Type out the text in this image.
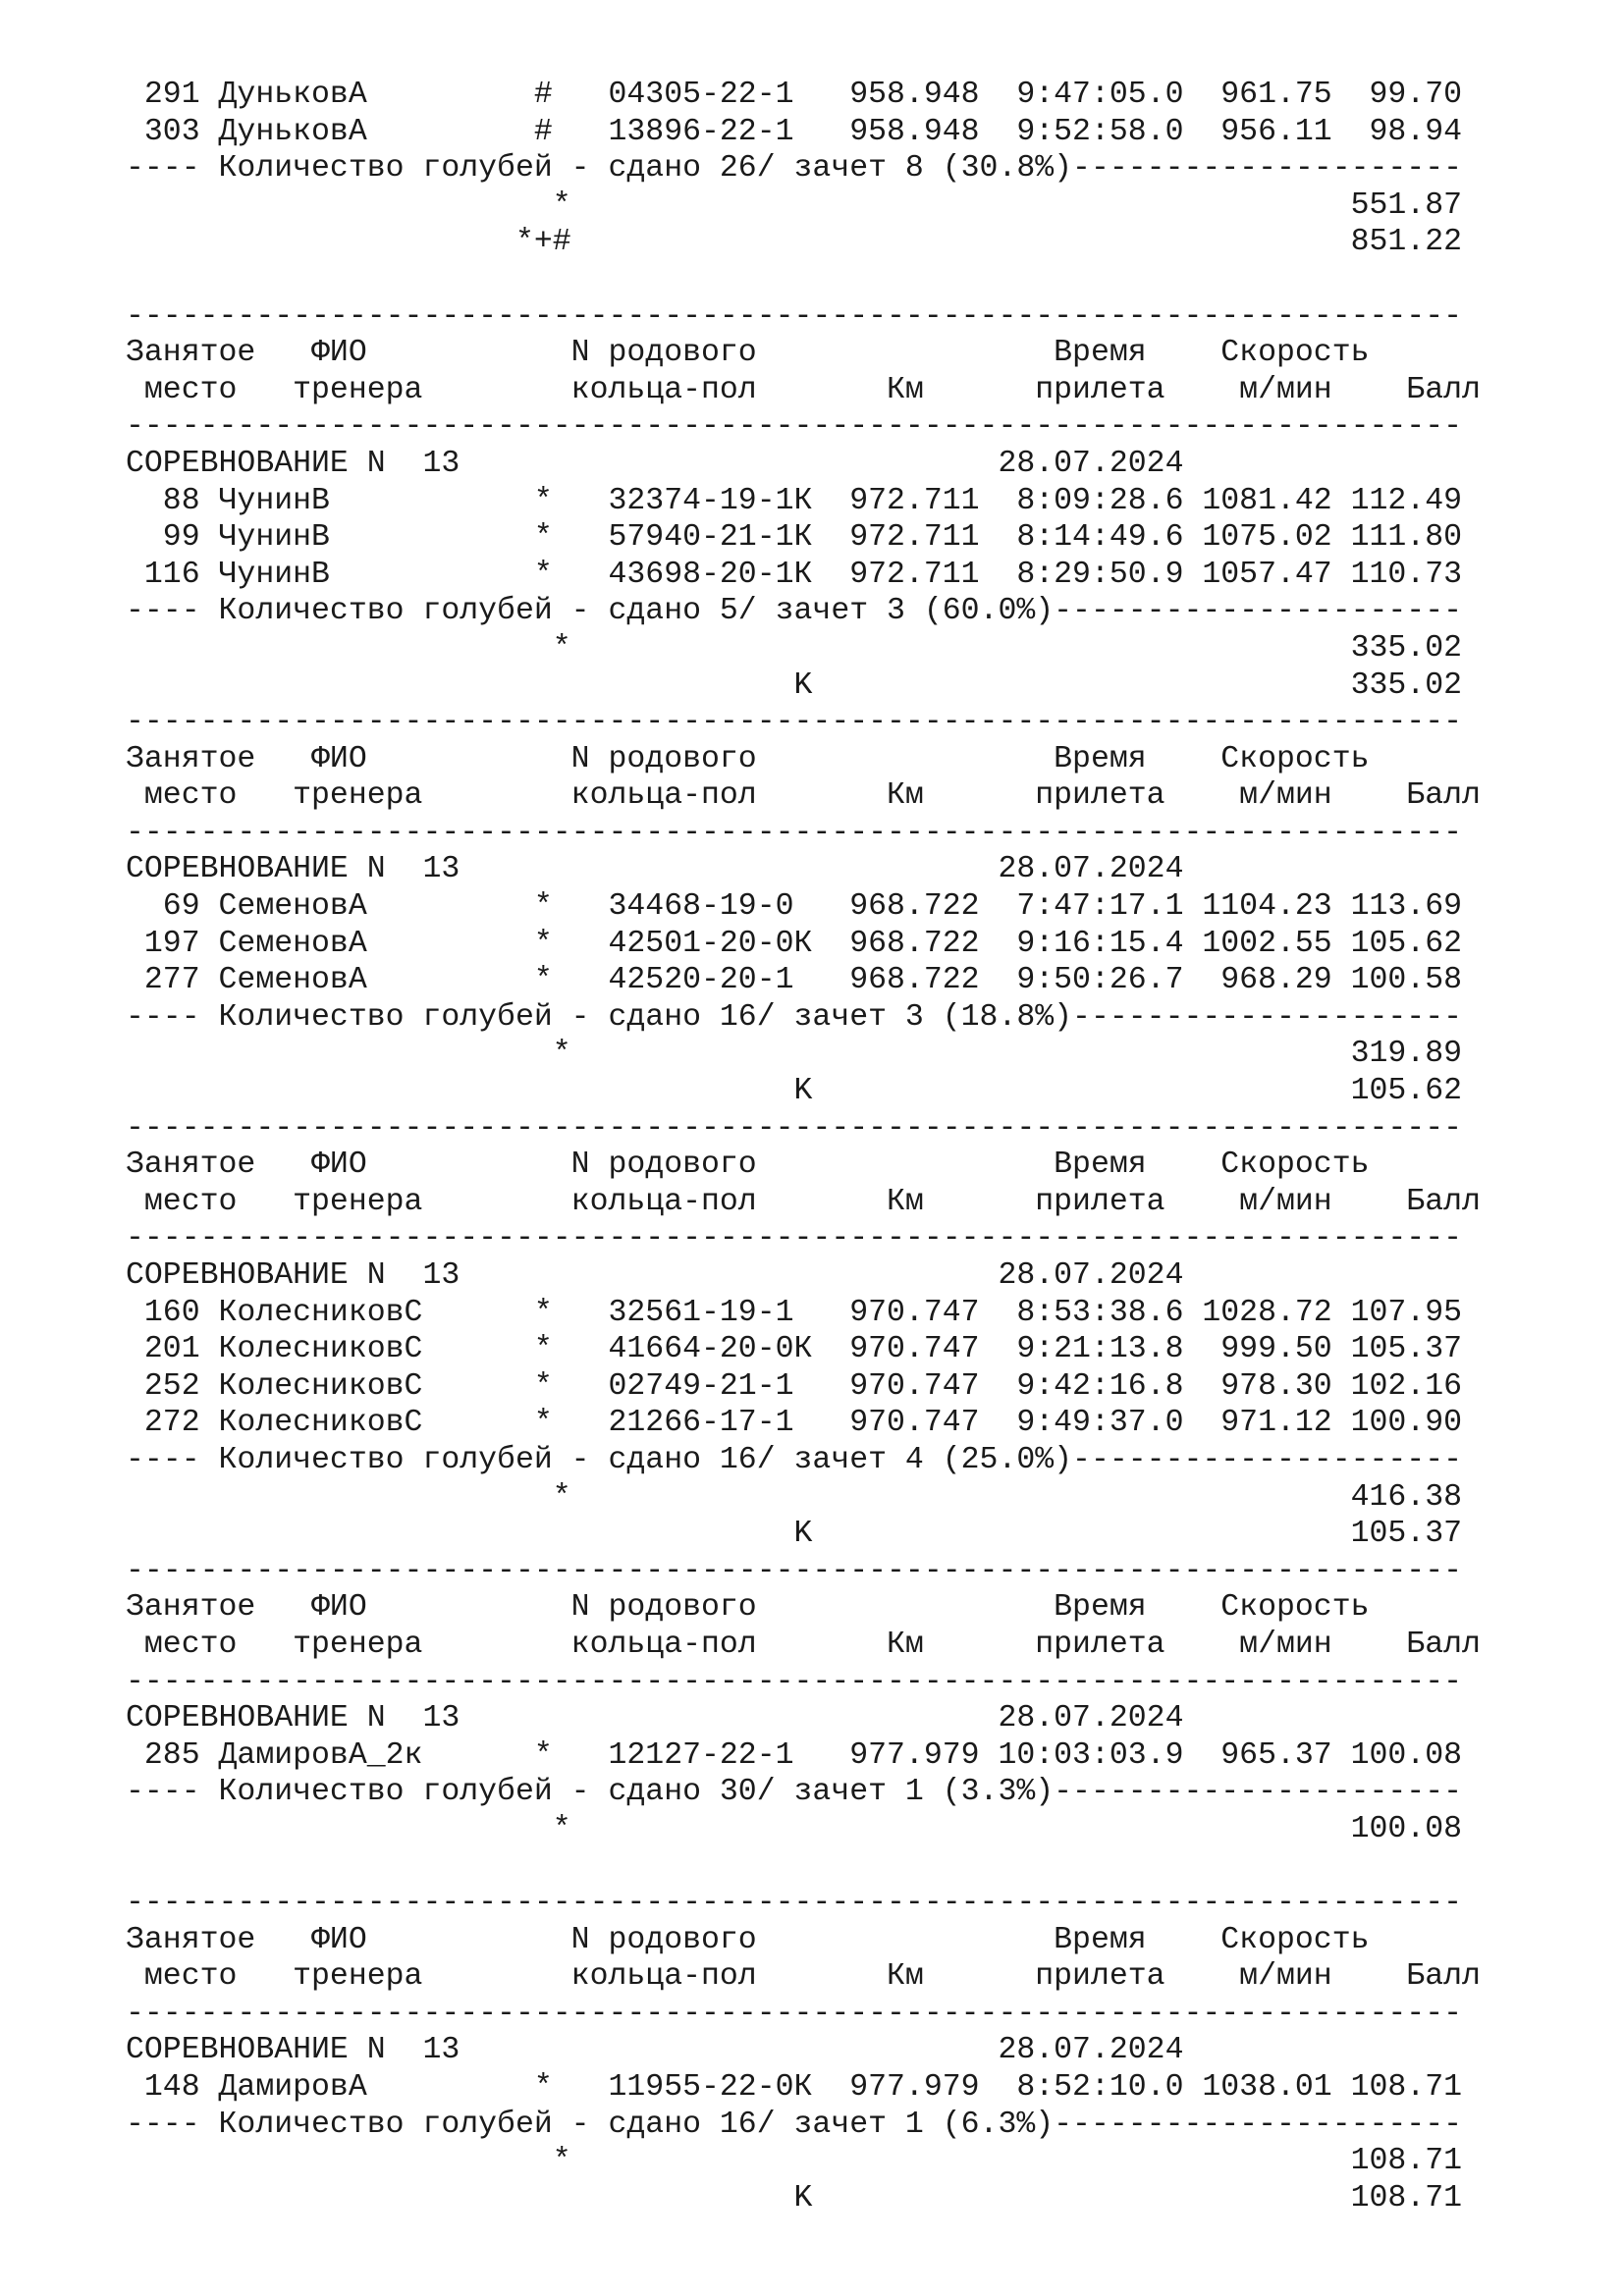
291 ДуньковА         #   04305-22-1   958.948  9:47:05.0  961.75  99.70
303 ДуньковА         #   13896-22-1   958.948  9:52:58.0  956.11  98.94
---- Количество голубей - сдано 26/ зачет 8 (30.8%)---------------------
*                                          551.87
*+#                                          851.22
------------------------------------------------------------------------
Занятое   ФИО           N родового                Время    Скорость
место   тренера        кольца-пол       Км      прилета    м/мин    Балл
------------------------------------------------------------------------
СОРЕВНОВАНИЕ N  13                             28.07.2024
88 ЧунинВ           *   32374-19-1К  972.711  8:09:28.6 1081.42 112.49
99 ЧунинВ           *   57940-21-1К  972.711  8:14:49.6 1075.02 111.80
116 ЧунинВ           *   43698-20-1К  972.711  8:29:50.9 1057.47 110.73
---- Количество голубей - сдано 5/ зачет 3 (60.0%)----------------------
*                                          335.02
K                             335.02
------------------------------------------------------------------------
Занятое   ФИО           N родового                Время    Скорость
место   тренера        кольца-пол       Км      прилета    м/мин    Балл
------------------------------------------------------------------------
СОРЕВНОВАНИЕ N  13                             28.07.2024
69 СеменовА         *   34468-19-0   968.722  7:47:17.1 1104.23 113.69
197 СеменовА         *   42501-20-0К  968.722  9:16:15.4 1002.55 105.62
277 СеменовА         *   42520-20-1   968.722  9:50:26.7  968.29 100.58
---- Количество голубей - сдано 16/ зачет 3 (18.8%)---------------------
*                                          319.89
K                             105.62
------------------------------------------------------------------------
Занятое   ФИО           N родового                Время    Скорость
место   тренера        кольца-пол       Км      прилета    м/мин    Балл
------------------------------------------------------------------------
СОРЕВНОВАНИЕ N  13                             28.07.2024
160 КолесниковС      *   32561-19-1   970.747  8:53:38.6 1028.72 107.95
201 КолесниковС      *   41664-20-0К  970.747  9:21:13.8  999.50 105.37
252 КолесниковС      *   02749-21-1   970.747  9:42:16.8  978.30 102.16
272 КолесниковС      *   21266-17-1   970.747  9:49:37.0  971.12 100.90
---- Количество голубей - сдано 16/ зачет 4 (25.0%)---------------------
*                                          416.38
K                             105.37
------------------------------------------------------------------------
Занятое   ФИО           N родового                Время    Скорость
место   тренера        кольца-пол       Км      прилета    м/мин    Балл
------------------------------------------------------------------------
СОРЕВНОВАНИЕ N  13                             28.07.2024
285 ДамировА_2к      *   12127-22-1   977.979 10:03:03.9  965.37 100.08
---- Количество голубей - сдано 30/ зачет 1 (3.3%)----------------------
*                                          100.08
------------------------------------------------------------------------
Занятое   ФИО           N родового                Время    Скорость
место   тренера        кольца-пол       Км      прилета    м/мин    Балл
------------------------------------------------------------------------
СОРЕВНОВАНИЕ N  13                             28.07.2024
148 ДамировА         *   11955-22-0К  977.979  8:52:10.0 1038.01 108.71
---- Количество голубей - сдано 16/ зачет 1 (6.3%)----------------------
*                                          108.71
K                             108.71
